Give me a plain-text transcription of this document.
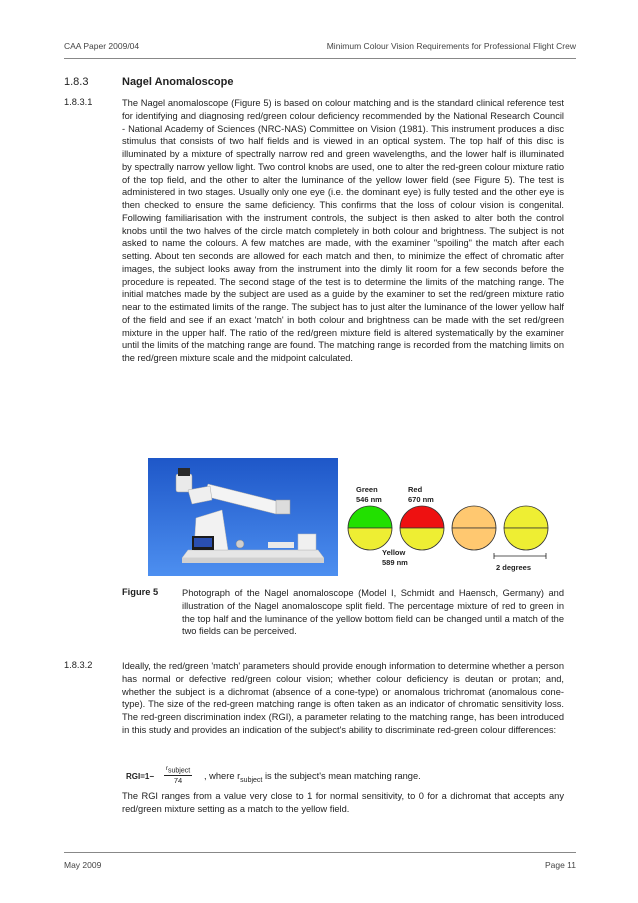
CAA Paper 2009/04	Minimum Colour Vision Requirements for Professional Flight Crew
1.8.3	Nagel Anomaloscope
1.8.3.1	The Nagel anomaloscope (Figure 5) is based on colour matching and is the standard clinical reference test for identifying and diagnosing red/green colour deficiency recommended by the National Research Council - National Academy of Sciences (NRC-NAS) Committee on Vision (1981). This instrument produces a disc stimulus that consists of two half fields and is viewed in an optical system. The top half of this disc is illuminated by a mixture of spectrally narrow red and green wavelengths, and the lower half is illuminated by spectrally narrow yellow light. Two control knobs are used, one to alter the red-green colour mixture ratio of the top field, and the other to alter the luminance of the yellow lower field (see Figure 5). The test is administered in two stages. Usually only one eye (i.e. the dominant eye) is fully tested and the other eye is then checked to ensure the same deficiency. This confirms that the loss of colour vision is congenital. Following familiarisation with the instrument controls, the subject is then asked to alter both the control knobs until the two halves of the circle match completely in both colour and brightness. The subject is not asked to name the colours. A few matches are made, with the examiner "spoiling" the match after each setting. About ten seconds are allowed for each match and then, to minimize the effect of chromatic after images, the subject looks away from the instrument into the dimly lit room for a few seconds before the procedure is repeated. The second stage of the test is to determine the limits of the matching range. The initial matches made by the subject are used as a guide by the examiner to set the red/green mixture ratio near to the estimated limits of the range. The subject has to just alter the luminance of the lower yellow half of the field and see if an exact 'match' in both colour and brightness can be made with the set red/green mixture in the upper half. The ratio of the red/green mixture field is altered systematically by the examiner until the limits of the matching range are found. The matching range is recorded from the matching limits on the red/green mixture scale and the midpoint calculated.

Green
546 nm
Red
670 nm
Yellow
589 nm
2 degrees
Figure 5	Photograph of the Nagel anomaloscope (Model I, Schmidt and Haensch, Germany) and illustration of the Nagel anomaloscope split field. The percentage mixture of red to green in the top half and the luminance of the yellow bottom field can be changed until a match of the two fields can be perceived.

1.8.3.2	Ideally, the red/green 'match' parameters should provide enough information to determine whether a person has normal or defective red/green colour vision; whether colour deficiency is deutan or protan; and, whether the subject is a dichromat (absence of a cone-type) or anomalous trichromat (anomalous cone-type). The size of the red-green matching range is often taken as an indicator of chromatic sensitivity loss. The red-green discrimination index (RGI), a parameter relating to the matching range, has been introduced in this study and provides an indication of the subject's ability to discriminate red-green colour differences:

RGI=1−
$r_{subject}$
74	, where $r_{subject}$ is the subject's mean matching range.

The RGI ranges from a value very close to 1 for normal sensitivity, to 0 for a dichromat that accepts any red/green mixture setting as a match to the yellow field.

May 2009	Page 11
